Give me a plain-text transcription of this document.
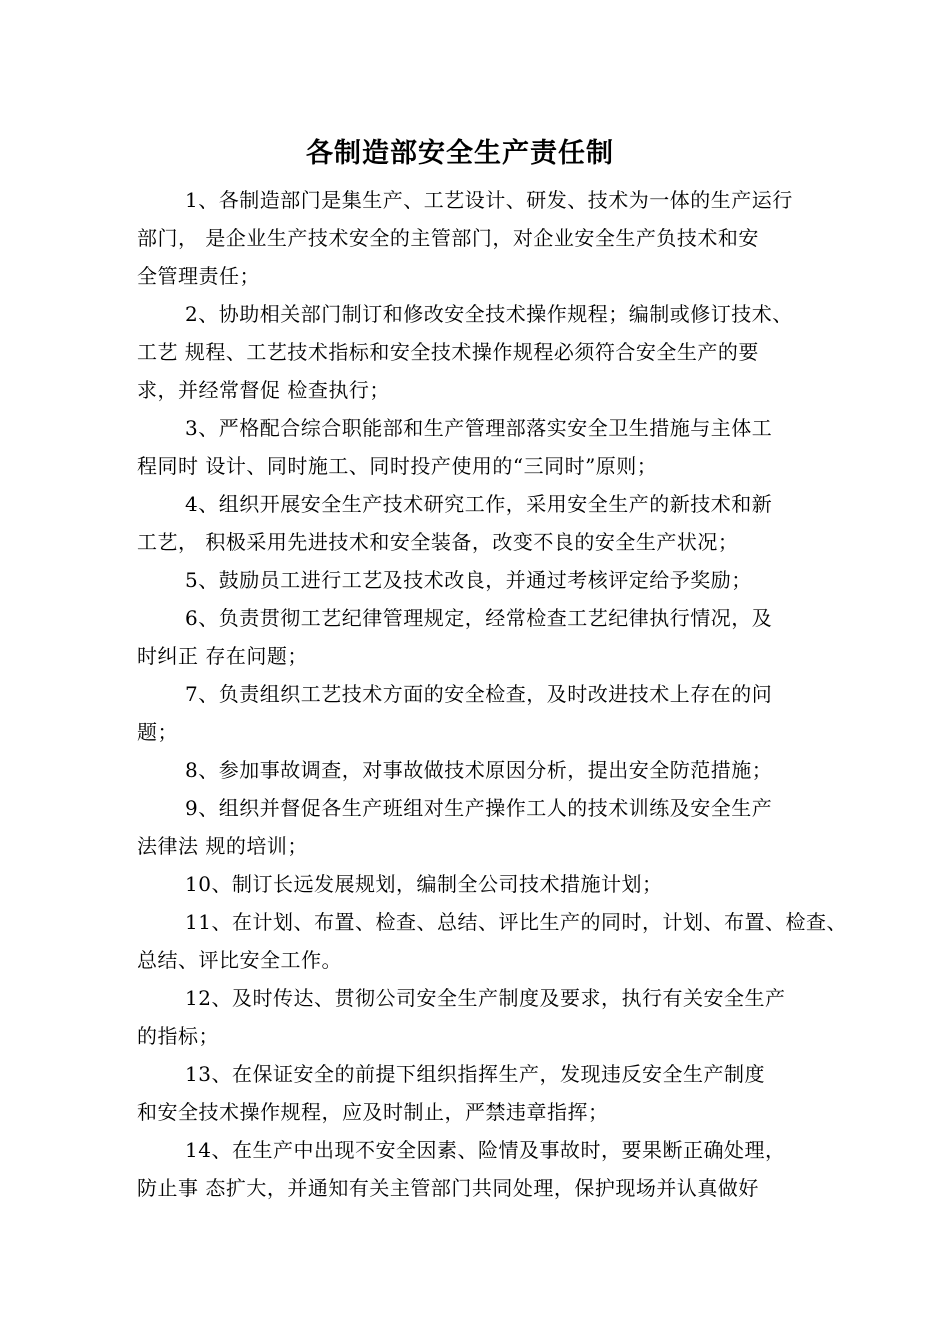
各制造部安全生产责任制
1、各制造部门是集生产、工艺设计、研发、技术为一体的生产运行
部门， 是企业生产技术安全的主管部门，对企业安全生产负技术和安
全管理责任；
2、协助相关部门制订和修改安全技术操作规程；编制或修订技术、
工艺 规程、工艺技术指标和安全技术操作规程必须符合安全生产的要
求，并经常督促 检查执行；
3、严格配合综合职能部和生产管理部落实安全卫生措施与主体工
程同时 设计、同时施工、同时投产使用的“三同时”原则；
4、组织开展安全生产技术研究工作，采用安全生产的新技术和新
工艺， 积极采用先进技术和安全装备，改变不良的安全生产状况；
5、鼓励员工进行工艺及技术改良，并通过考核评定给予奖励；
6、负责贯彻工艺纪律管理规定，经常检查工艺纪律执行情况，及
时纠正 存在问题；
7、负责组织工艺技术方面的安全检查，及时改进技术上存在的问
题；
8、参加事故调查，对事故做技术原因分析，提出安全防范措施；
9、组织并督促各生产班组对生产操作工人的技术训练及安全生产
法律法 规的培训；
10、制订长远发展规划，编制全公司技术措施计划；
11、在计划、布置、检查、总结、评比生产的同时，计划、布置、检查、
总结、评比安全工作。
12、及时传达、贯彻公司安全生产制度及要求，执行有关安全生产
的指标；
13、在保证安全的前提下组织指挥生产，发现违反安全生产制度
和安全技术操作规程，应及时制止，严禁违章指挥；
14、在生产中出现不安全因素、险情及事故时，要果断正确处理，
防止事 态扩大，并通知有关主管部门共同处理，保护现场并认真做好
